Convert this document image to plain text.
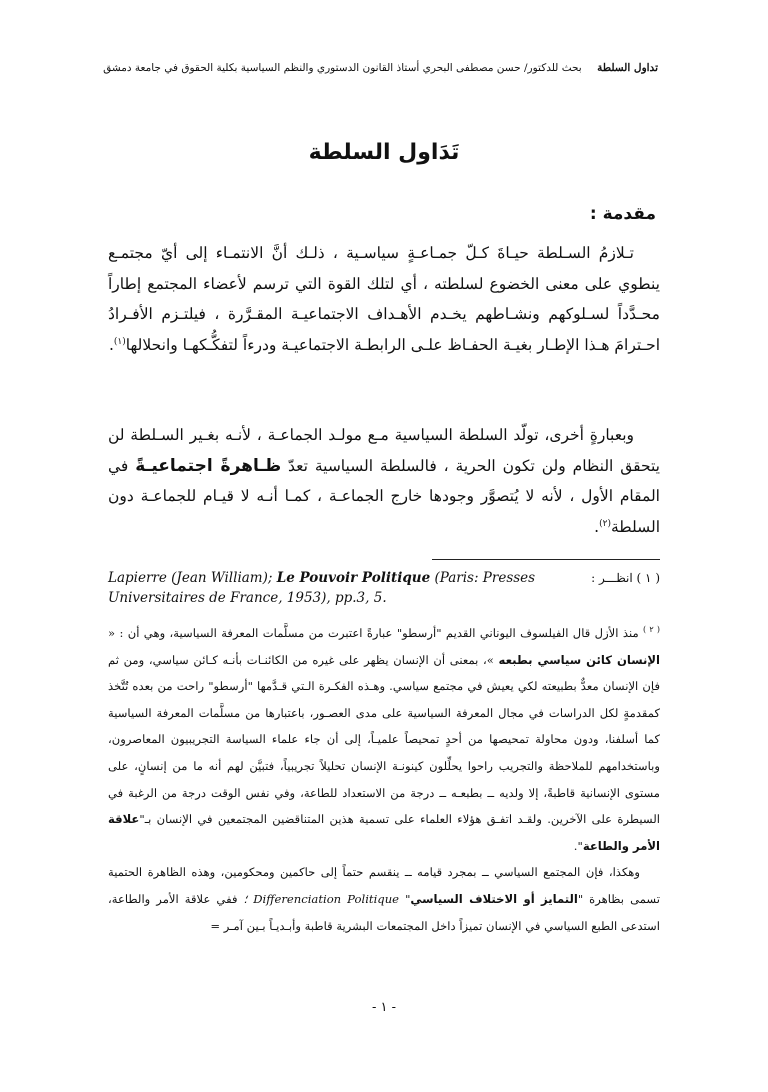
تداول السلطة بحث للدكتور/ حسن مصطفى البحري أستاذ القانون الدستوري والنظم السياسية بكلية الحقوق في جامعة دمشق
تَدَاول السلطة
مقدمة :

تـلازمُ السـلطة حيـاةَ كـلّ جمـاعـةٍ سياسـية ، ذلـك أنَّ الانتمـاء إلى أيّ مجتمـع ينطوي على معنى الخضوع لسلطته ، أي لتلك القوة التي ترسم لأعضاء المجتمع إطاراً محـدَّداً لسـلوكهم ونشـاطهم يخـدم الأهـداف الاجتماعيـة المقـرَّرة ، فيلتـزم الأفـرادُ احـترامَ هـذا الإطـار بغيـة الحفـاظ علـى الرابطـة الاجتماعيـة ودرءاً لتفكُّـكهـا وانحلالها$^{(١)}$.

وبعبارةٍ أخرى، تولّد السلطة السياسية مـع مولـد الجماعـة ، لأنـه بغـير السـلطة لن يتحقق النظام ولن تكون الحرية ، فالسلطة السياسية تعدّ ظـاهرةً اجتماعيـةً في المقام الأول ، لأنه لا يُتصوَّر وجودها خارج الجماعـة ، كمـا أنـه لا قيـام للجماعـة دون السلطة$^{(٢)}$.

Lapierre (Jean William); Le Pouvoir Politique (Paris: Presses	( ١ ) انظـــر :
Universitaires de France, 1953), pp.3, 5.

$^{( ٢ )}$ منذ الأزل قال الفيلسوف اليوناني القديم "أرسطو" عبارةً اعتبرت من مسلَّمات المعرفة السياسية، وهي أن : « الإنسان كائن سياسي بطبعه »، بمعنى أن الإنسان يظهر على غيره من الكائنـات بأنـه كـائن سياسي، ومن ثم فإن الإنسان معدٌّ بطبيعته لكي يعيش في مجتمع سياسي. وهـذه الفكـرة الـتي قـدَّمها "أرسطو" راحت من بعده تُتَّخذ كمقدمةٍ لكل الدراسات في مجال المعرفة السياسية على مدى العصـور، باعتبارها من مسلَّمات المعرفة السياسية كما أسلفنا، ودون محاولة تمحيصها من أحدٍ تمحيصاً علميـاً، إلى أن جاء علماء السياسة التجريبيون المعاصرون، وباستخدامهم للملاحظة والتجريب راحوا يحلِّلون كينونـة الإنسان تحليلاً تجريبياً، فتبيَّن لهم أنه ما من إنسانٍ، على مستوى الإنسانية قاطبةً، إلا ولديه ــ بطبعـه ــ درجة من الاستعداد للطاعة، وفي نفس الوقت درجة من الرغبة في السيطرة على الآخرين. ولقـد اتفـق هؤلاء العلماء على تسمية هذين المتناقضين المجتمعين في الإنسان بـ"علاقة الأمر والطاعة".

وهكذا، فإن المجتمع السياسي ــ بمجرد قيامه ــ ينقسم حتماً إلى حاكمين ومحكومين، وهذه الظاهرة الحتمية تسمى بظاهرة "التمايز أو الاختلاف السياسي" Differenciation Politique ؛ ففي علاقة الأمر والطاعة، استدعى الطبع السياسي في الإنسان تميزاً داخل المجتمعات البشرية قاطبة وأبـديـاً بـين آمـر =

- ١ -
